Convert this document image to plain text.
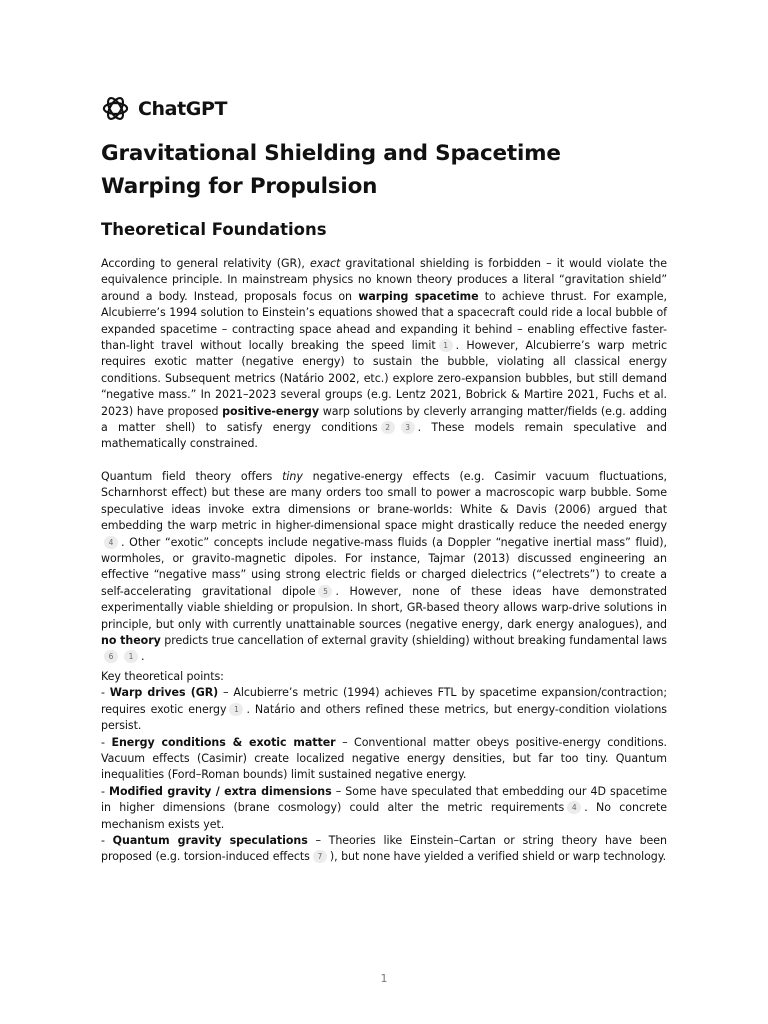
ChatGPT
Gravitational Shielding and Spacetime Warping for Propulsion
Theoretical Foundations

According to general relativity (GR), exact gravitational shielding is forbidden – it would violate the equivalence principle. In mainstream physics no known theory produces a literal “gravitation shield” around a body. Instead, proposals focus on warping spacetime to achieve thrust. For example, Alcubierre’s 1994 solution to Einstein’s equations showed that a spacecraft could ride a local bubble of expanded spacetime – contracting space ahead and expanding it behind – enabling effective faster-than-light travel without locally breaking the speed limit 1 . However, Alcubierre’s warp metric requires exotic matter (negative energy) to sustain the bubble, violating all classical energy conditions. Subsequent metrics (Natário 2002, etc.) explore zero-expansion bubbles, but still demand “negative mass.” In 2021–2023 several groups (e.g. Lentz 2021, Bobrick & Martire 2021, Fuchs et al. 2023) have proposed positive-energy warp solutions by cleverly arranging matter/fields (e.g. adding a matter shell) to satisfy energy conditions 2 3 . These models remain speculative and mathematically constrained.

Quantum field theory offers tiny negative-energy effects (e.g. Casimir vacuum fluctuations, Scharnhorst effect) but these are many orders too small to power a macroscopic warp bubble. Some speculative ideas invoke extra dimensions or brane-worlds: White & Davis (2006) argued that embedding the warp metric in higher-dimensional space might drastically reduce the needed energy4 . Other “exotic” concepts include negative-mass fluids (a Doppler “negative inertial mass” fluid), wormholes, or gravito-magnetic dipoles. For instance, Tajmar (2013) discussed engineering an effective “negative mass” using strong electric fields or charged dielectrics (“electrets”) to create a self-accelerating gravitational dipole 5 . However, none of these ideas have demonstrated experimentally viable shielding or propulsion. In short, GR-based theory allows warp-drive solutions in principle, but only with currently unattainable sources (negative energy, dark energy analogues), and no theory predicts true cancellation of external gravity (shielding) without breaking fundamental laws6 1 .

Key theoretical points:

- Warp drives (GR) – Alcubierre’s metric (1994) achieves FTL by spacetime expansion/contraction; requires exotic energy 1 . Natário and others refined these metrics, but energy-condition violations persist.

- Energy conditions & exotic matter – Conventional matter obeys positive-energy conditions. Vacuum effects (Casimir) create localized negative energy densities, but far too tiny. Quantum inequalities (Ford–Roman bounds) limit sustained negative energy.

- Modified gravity / extra dimensions – Some have speculated that embedding our 4D spacetime in higher dimensions (brane cosmology) could alter the metric requirements 4 . No concrete mechanism exists yet.

- Quantum gravity speculations – Theories like Einstein–Cartan or string theory have been proposed (e.g. torsion-induced effects 7 ), but none have yielded a verified shield or warp technology.

1
